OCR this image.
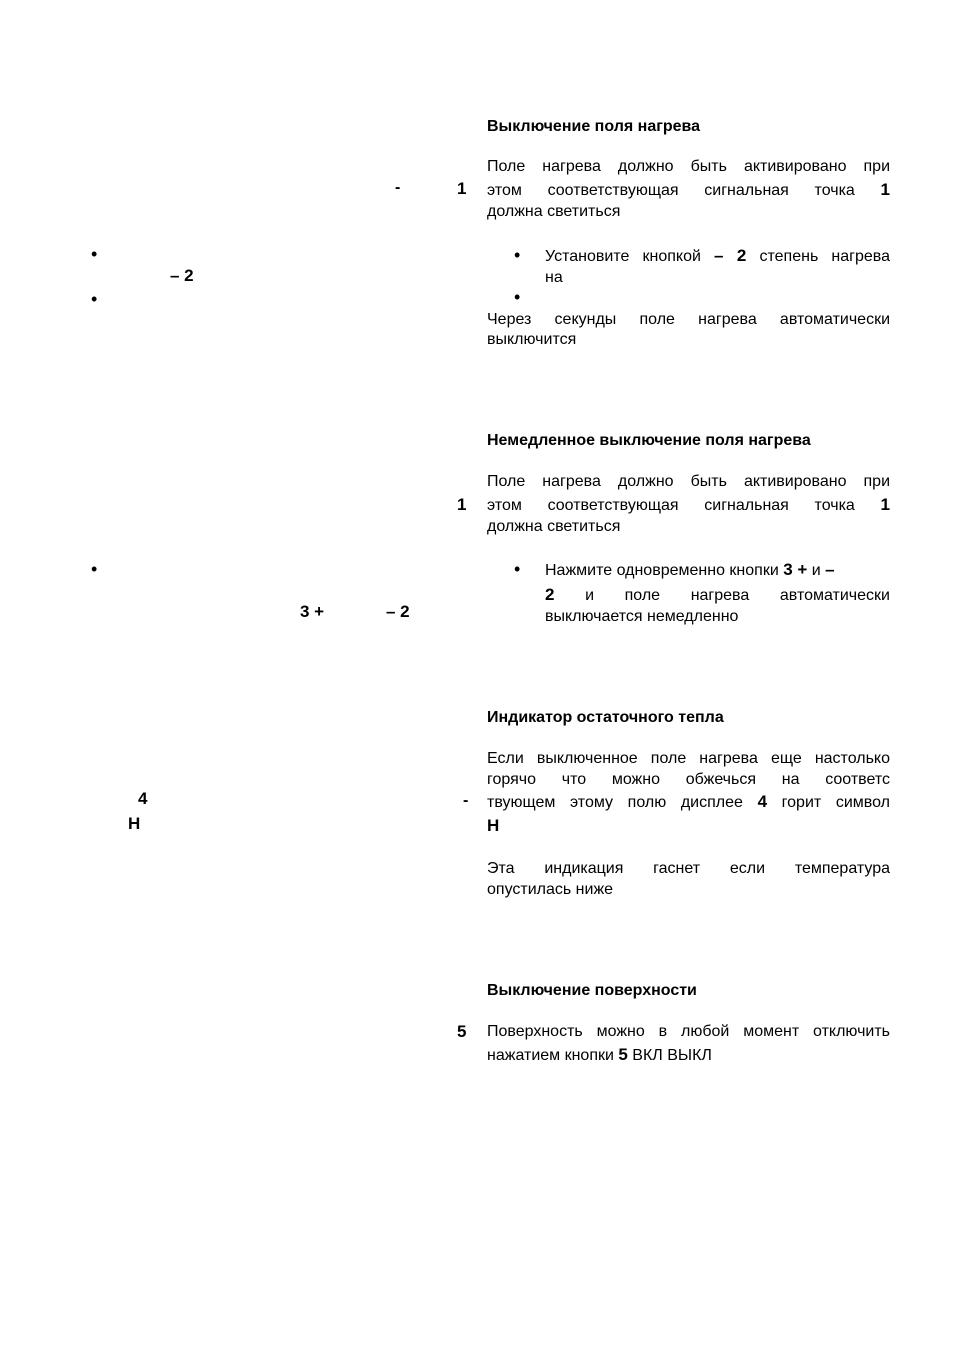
-	1
•
– 2
•
1
•
3 +	– 2
4
H
-
5
Выключение поля нагрева
Поле нагрева должно быть активировано при
этом соответствующая сигнальная точка 1
должна светиться
• Установите кнопкой – 2 степень нагрева
на
•
Через секунды поле нагрева автоматически
выключится
Немедленное выключение поля нагрева
Поле нагрева должно быть активировано при
этом соответствующая сигнальная точка 1
должна светиться
• Нажмите одновременно кнопки 3 + и –
2 и поле нагрева автоматически
выключается немедленно
Индикатор остаточного тепла
Если выключенное поле нагрева еще настолько
горячо что можно обжечься на соответс
твующем этому полю дисплее 4 горит символ
H
Эта индикация гаснет если температура
опустилась ниже
Выключение поверхности
Поверхность можно в любой момент отключить
нажатием кнопки 5 ВКЛ ВЫКЛ
